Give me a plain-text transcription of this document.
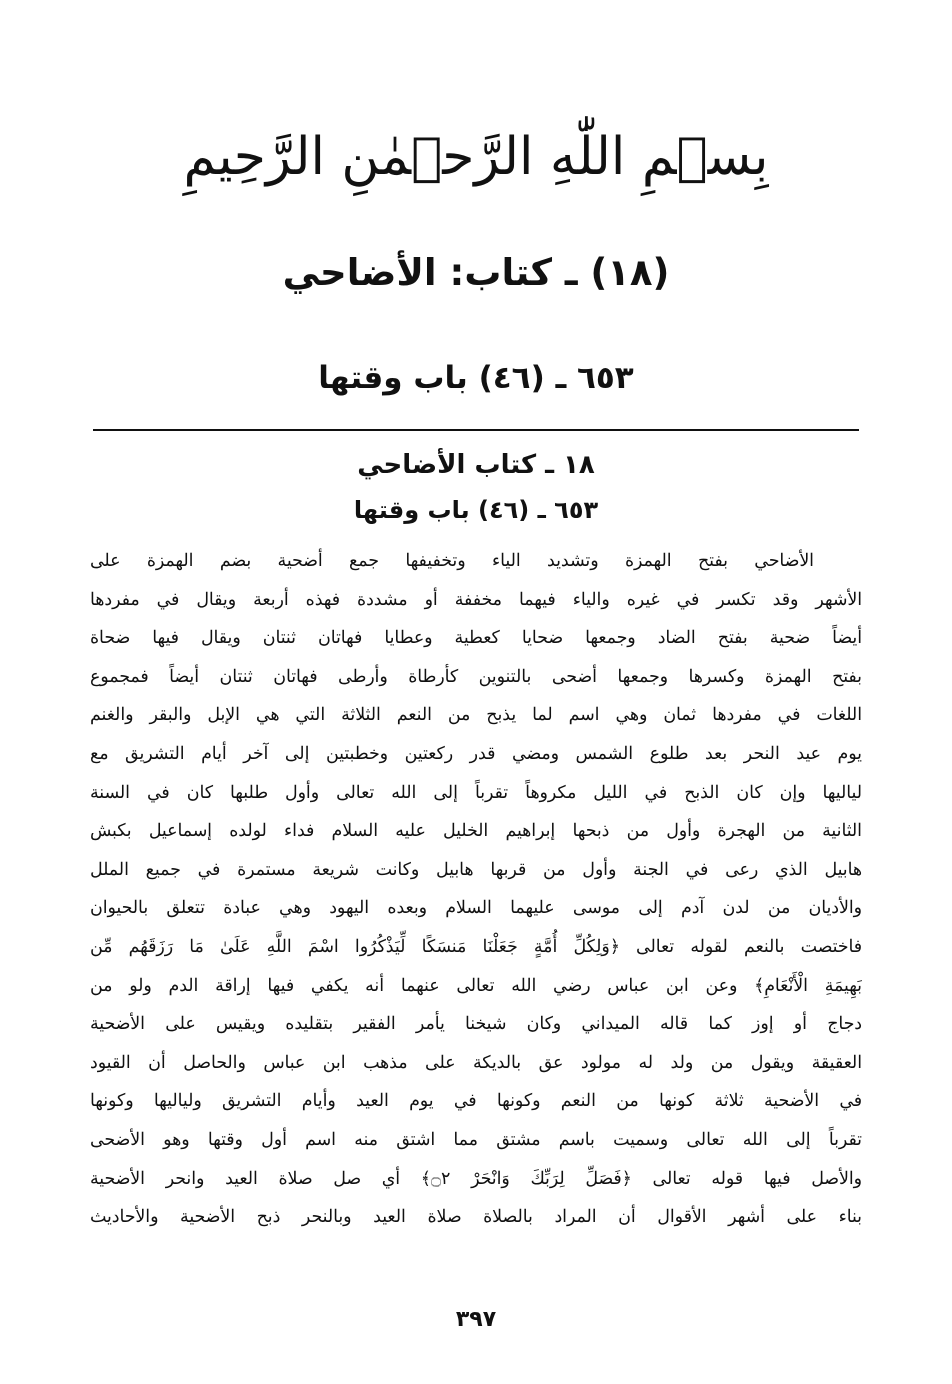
بِسۡمِ اللّٰهِ الرَّحۡمٰنِ الرَّحِيمِ
(١٨) ـ كتاب: الأضاحي
٦٥٣ ـ (٤٦) باب وقتها
١٨ ـ كتاب الأضاحي
٦٥٣ ـ (٤٦) باب وقتها
الأضاحي بفتح الهمزة وتشديد الياء وتخفيفها جمع أضحية بضم الهمزة على
الأشهر وقد تكسر في غيره والياء فيهما مخففة أو مشددة فهذه أربعة ويقال في مفردها
أيضاً ضحية بفتح الضاد وجمعها ضحايا كعطية وعطايا فهاتان ثنتان ويقال فيها ضحاة
بفتح الهمزة وكسرها وجمعها أضحى بالتنوين كأرطاة وأرطى فهاتان ثنتان أيضاً فمجموع
اللغات في مفردها ثمان وهي اسم لما يذبح من النعم الثلاثة التي هي الإبل والبقر والغنم
يوم عيد النحر بعد طلوع الشمس ومضي قدر ركعتين وخطبتين إلى آخر أيام التشريق مع
لياليها وإن كان الذبح في الليل مكروهاً تقرباً إلى الله تعالى وأول طلبها كان في السنة
الثانية من الهجرة وأول من ذبحها إبراهيم الخليل عليه السلام فداء لولده إسماعيل بكبش
هابيل الذي رعى في الجنة وأول من قربها هابيل وكانت شريعة مستمرة في جميع الملل
والأديان من لدن آدم إلى موسى عليهما السلام وبعده اليهود وهي عبادة تتعلق بالحيوان
فاختصت بالنعم لقوله تعالى ﴿وَلِكُلِّ أُمَّةٍ جَعَلْنَا مَنسَكًا لِّيَذْكُرُوا اسْمَ اللَّهِ عَلَىٰ مَا رَزَقَهُم مِّن
بَهِيمَةِ الْأَنْعَامِ﴾ وعن ابن عباس رضي الله تعالى عنهما أنه يكفي فيها إراقة الدم ولو من
دجاج أو إوز كما قاله الميداني وكان شيخنا يأمر الفقير بتقليده ويقيس على الأضحية
العقيقة ويقول من ولد له مولود عق بالديكة على مذهب ابن عباس والحاصل أن القيود
في الأضحية ثلاثة كونها من النعم وكونها في يوم العيد وأيام التشريق ولياليها وكونها
تقرباً إلى الله تعالى وسميت باسم مشتق مما اشتق منه اسم أول وقتها وهو الأضحى
والأصل فيها قوله تعالى ﴿فَصَلِّ لِرَبِّكَ وَانْحَرْ ۝٢﴾ أي صل صلاة العيد وانحر الأضحية
بناء على أشهر الأقوال أن المراد بالصلاة صلاة العيد وبالنحر ذبح الأضحية والأحاديث
٣٩٧
